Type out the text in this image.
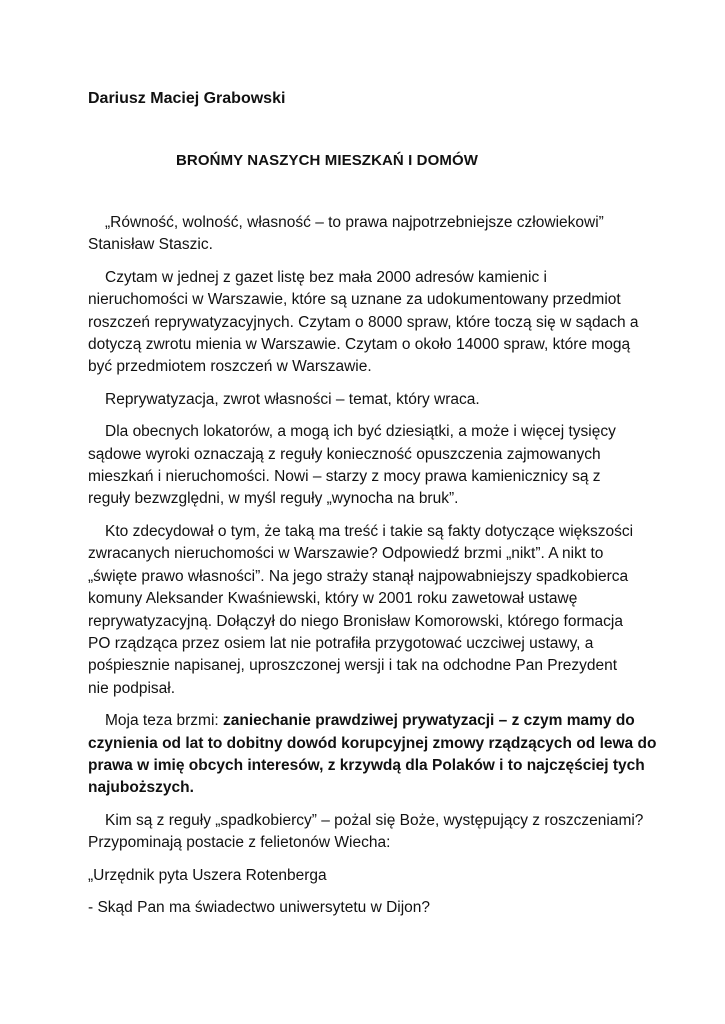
Dariusz Maciej Grabowski
BROŃMY NASZYCH MIESZKAŃ I DOMÓW
„Równość, wolność, własność – to prawa najpotrzebniejsze człowiekowi”
Stanisław Staszic.
Czytam w jednej z gazet listę bez mała 2000 adresów kamienic i
nieruchomości w Warszawie, które są uznane za udokumentowany przedmiot
roszczeń reprywatyzacyjnych. Czytam o 8000 spraw, które toczą się w sądach a
dotyczą zwrotu mienia w Warszawie. Czytam o około 14000 spraw, które mogą
być przedmiotem roszczeń w Warszawie.
Reprywatyzacja, zwrot własności – temat, który wraca.
Dla obecnych lokatorów, a mogą ich być dziesiątki, a może i więcej tysięcy
sądowe wyroki oznaczają z reguły konieczność opuszczenia zajmowanych
mieszkań i nieruchomości. Nowi – starzy z mocy prawa kamienicznicy są z
reguły bezwzględni, w myśl reguły „wynocha na bruk”.
Kto zdecydował o tym, że taką ma treść i takie są fakty dotyczące większości
zwracanych nieruchomości w Warszawie? Odpowiedź brzmi „nikt”. A nikt to
„święte prawo własności”. Na jego straży stanął najpowabniejszy spadkobierca
komuny Aleksander Kwaśniewski, który w 2001 roku zawetował ustawę
reprywatyzacyjną. Dołączył do niego Bronisław Komorowski, którego formacja
PO rządząca przez osiem lat nie potrafiła przygotować uczciwej ustawy, a
pośpiesznie napisanej, uproszczonej wersji i tak na odchodne Pan Prezydent
nie podpisał.
Moja teza brzmi: zaniechanie prawdziwej prywatyzacji – z czym mamy do
czynienia od lat to dobitny dowód korupcyjnej zmowy rządzących od lewa do
prawa w imię obcych interesów, z krzywdą dla Polaków i to najczęściej tych
najuboższych.
Kim są z reguły „spadkobiercy” – pożal się Boże, występujący z roszczeniami?
Przypominają postacie z felietonów Wiecha:
„Urzędnik pyta Uszera Rotenberga
- Skąd Pan ma świadectwo uniwersytetu w Dijon?
